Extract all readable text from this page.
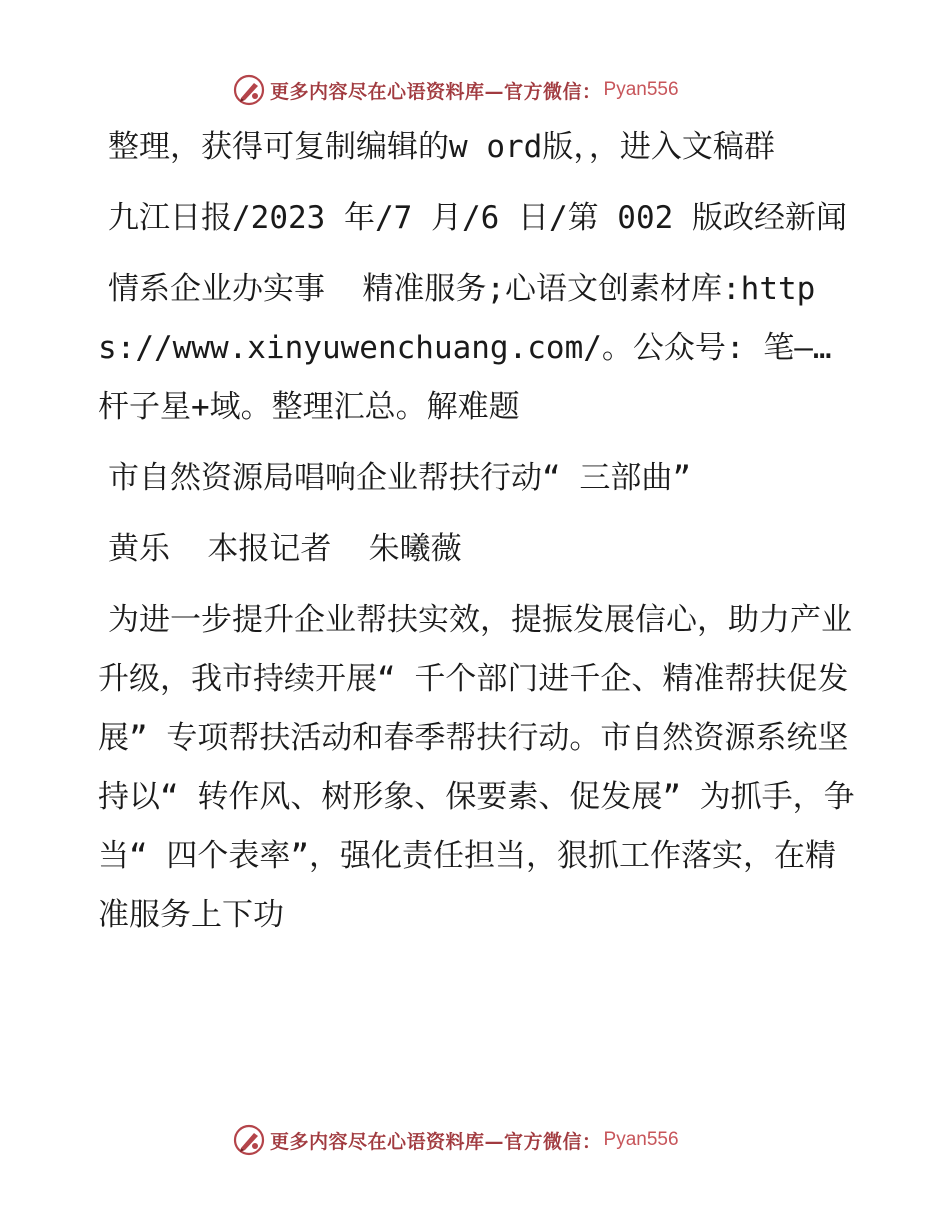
更多内容尽在心语资料库—官方微信： Pyan556

整理，获得可复制编辑的w ord版，，进入文稿群

九江日报/2023 年/7 月/6 日/第 002 版政经新闻

情系企业办实事  精准服务;心语文创素材库:https://www.xinyuwenchuang.com/。公众号: 笔—…杆子星+域。整理汇总。解难题

市自然资源局唱响企业帮扶行动“ 三部曲”

黄乐  本报记者  朱曦薇

为进一步提升企业帮扶实效，提振发展信心，助力产业升级，我市持续开展“ 千个部门进千企、精准帮扶促发展” 专项帮扶活动和春季帮扶行动。市自然资源系统坚持以“ 转作风、树形象、保要素、促发展” 为抓手，争当“ 四个表率”，强化责任担当，狠抓工作落实，在精准服务上下功

更多内容尽在心语资料库—官方微信： Pyan556
